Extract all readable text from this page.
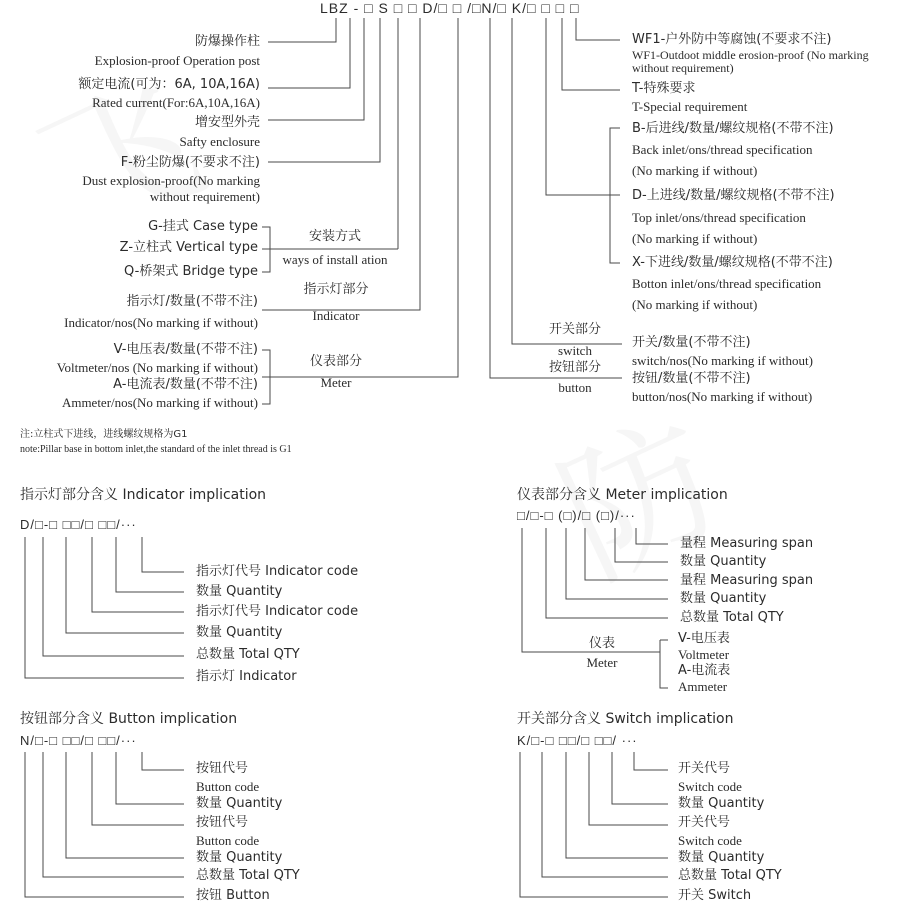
LBZ - □ S □ □ D/□ □ /□N/□ K/□ □ □ □
防爆操作柱
Explosion-proof Operation post
额定电流(可为：6A, 10A,16A)
Rated current(For:6A,10A,16A)
增安型外壳
Safty enclosure
F-粉尘防爆(不要求不注)
Dust explosion-proof(No marking
without requirement)
G-挂式 Case type
Z-立柱式 Vertical type
Q-桥架式 Bridge type
安装方式
ways of install ation
指示灯/数量(不带不注)
Indicator/nos(No marking if without)
指示灯部分
Indicator
V-电压表/数量(不带不注)
Voltmeter/nos (No marking if without)
A-电流表/数量(不带不注)
Ammeter/nos(No marking if without)
仪表部分
Meter
WF1-户外防中等腐蚀(不要求不注)
WF1-Outdoot middle erosion-proof (No marking
without requirement)
T-特殊要求
T-Special requirement
B-后进线/数量/螺纹规格(不带不注)
Back inlet/ons/thread specification
(No marking if without)
D-上进线/数量/螺纹规格(不带不注)
Top inlet/ons/thread specification
(No marking if without)
X-下进线/数量/螺纹规格(不带不注)
Botton inlet/ons/thread specification
(No marking if without)
开关部分
switch
按钮部分
button
开关/数量(不带不注)
switch/nos(No marking if without)
按钮/数量(不带不注)
button/nos(No marking if without)
注:立柱式下进线，进线螺纹规格为G1
note:Pillar base in bottom inlet,the standard of the inlet thread is G1
指示灯部分含义 Indicator implication
D/□-□ □□/□ □□/···
指示灯代号 Indicator code
数量 Quantity
指示灯代号 Indicator code
数量 Quantity
总数量 Total QTY
指示灯 Indicator
仪表部分含义 Meter implication
□/□-□ (□)/□ (□)/···
量程 Measuring span
数量 Quantity
量程 Measuring span
数量 Quantity
总数量 Total QTY
仪表
Meter
V-电压表
Voltmeter
A-电流表
Ammeter
按钮部分含义 Button implication
N/□-□ □□/□ □□/···
按钮代号
Button code
数量 Quantity
按钮代号
Button code
数量 Quantity
总数量 Total QTY
按钮 Button
开关部分含义 Switch implication
K/□-□ □□/□ □□/ ···
开关代号
Switch code
数量 Quantity
开关代号
Switch code
数量 Quantity
总数量 Total QTY
开关 Switch
